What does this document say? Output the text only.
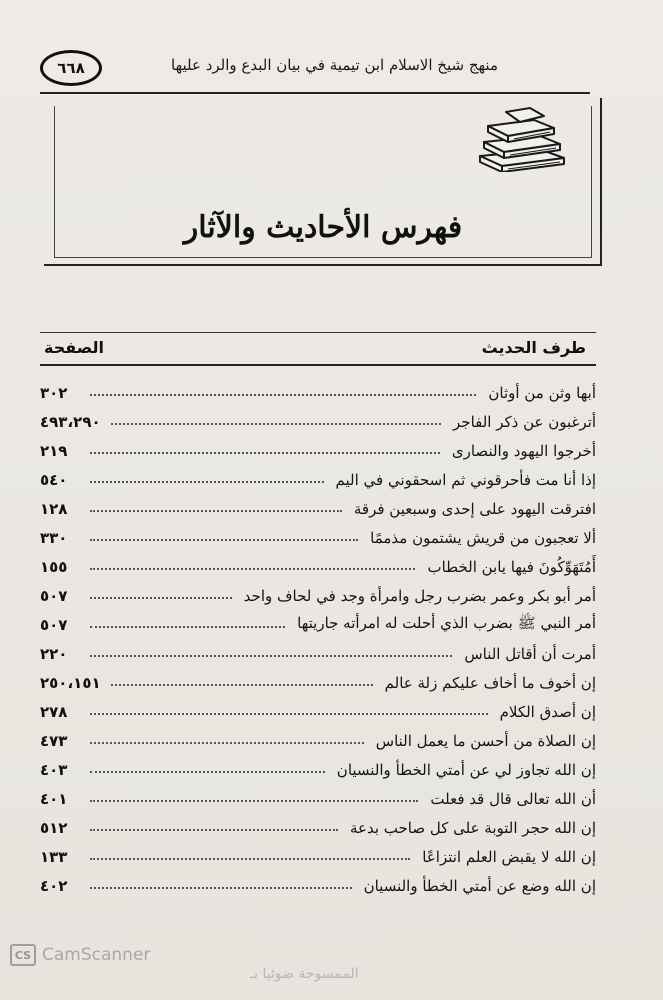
منهج شيخ الاسلام ابن تيمية في بيان البدع والرد عليها
٦٦٨
فهرس الأحاديث والآثار
طرف الحديث
الصفحة
أبها وثن من أوثان
٣٠٢
أترغبون عن ذكر الفاجر
٤٩٣،٢٩٠
أخرجوا اليهود والنصارى
٢١٩
إذا أنا مت فأحرقوني ثم اسحقوني في اليم
٥٤٠
افترقت اليهود على إحدى وسبعين فرقة
١٢٨
ألا تعجبون من قريش يشتمون مذممًا
٣٣٠
أَمُتَهَوِّكُونَ فيها يابن الخطاب
١٥٥
أمر أبو بكر وعمر بضرب رجل وامرأة وجد في لحاف واحد
٥٠٧
أمر النبي ﷺ بضرب الذي أحلت له امرأته جاريتها
٥٠٧
أمرت أن أقاتل الناس
٢٢٠
إن أخوف ما أخاف عليكم زلة عالم
٢٥٠،١٥١
إن أصدق الكلام
٢٧٨
إن الصلاة من أحسن ما يعمل الناس
٤٧٣
إن الله تجاوز لي عن أمتي الخطأ والنسيان
٤٠٣
أن الله تعالى قال قد فعلت
٤٠١
إن الله حجر التوبة على كل صاحب بدعة
٥١٢
إن الله لا يقبض العلم انتزاعًا
١٣٣
إن الله وضع عن أمتي الخطأ والنسيان
٤٠٢
CS CamScanner
الممسوحة ضوئيا بـ
